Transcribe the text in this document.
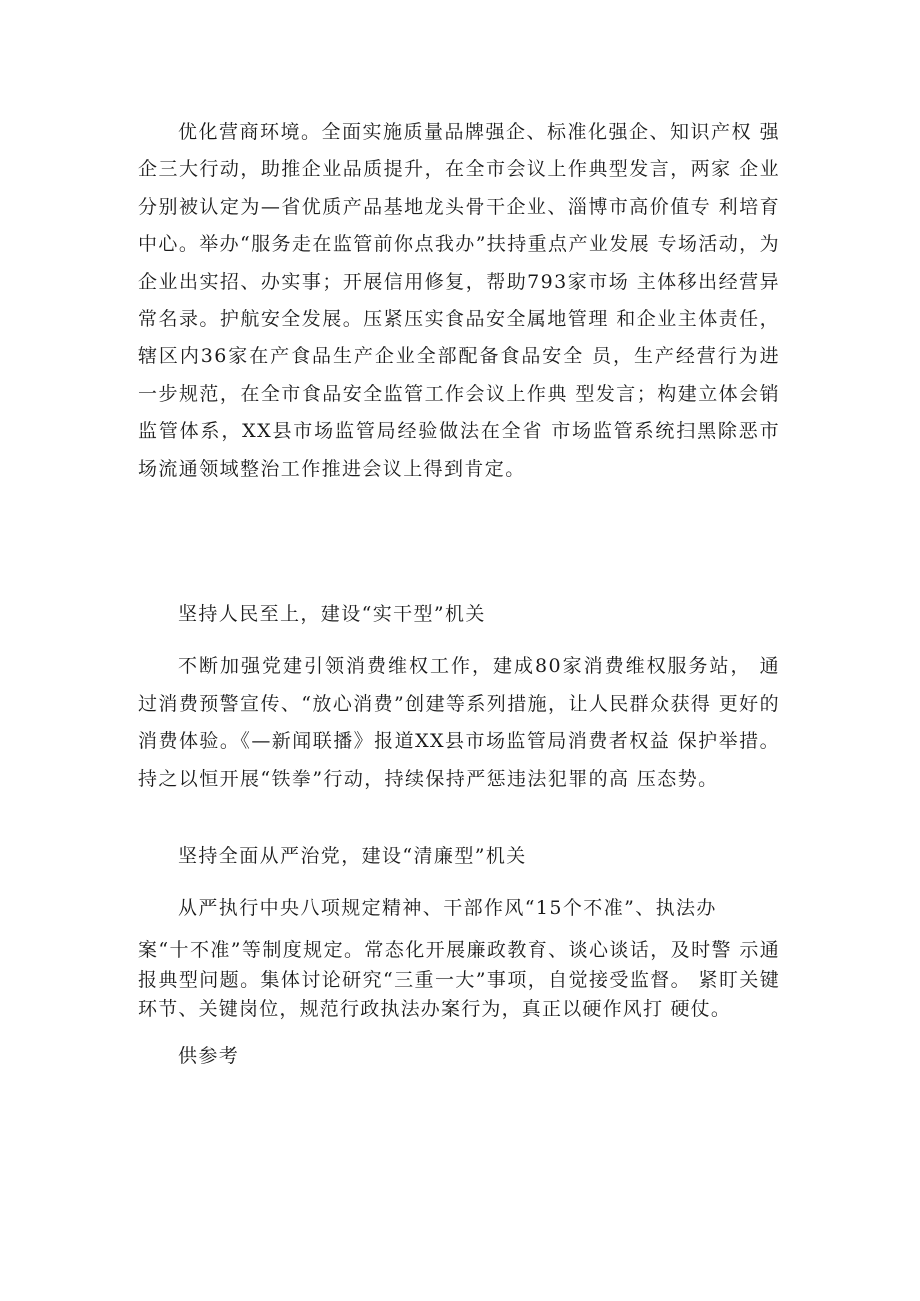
优化营商环境。全面实施质量品牌强企、标准化强企、知识产权 强企三大行动，助推企业品质提升，在全市会议上作典型发言，两家 企业分别被认定为—省优质产品基地龙头骨干企业、淄博市高价值专 利培育中心。举办“服务走在监管前你点我办”扶持重点产业发展 专场活动，为企业出实招、办实事；开展信用修复，帮助793家市场 主体移出经营异常名录。护航安全发展。压紧压实食品安全属地管理 和企业主体责任，辖区内36家在产食品生产企业全部配备食品安全 员，生产经营行为进一步规范，在全市食品安全监管工作会议上作典 型发言；构建立体会销监管体系，XX县市场监管局经验做法在全省 市场监管系统扫黑除恶市场流通领域整治工作推进会议上得到肯定。

坚持人民至上，建设“实干型”机关

不断加强党建引领消费维权工作，建成80家消费维权服务站， 通过消费预警宣传、“放心消费”创建等系列措施，让人民群众获得 更好的消费体验。《—新闻联播》报道XX县市场监管局消费者权益 保护举措。持之以恒开展“铁拳”行动，持续保持严惩违法犯罪的高 压态势。

坚持全面从严治党，建设“清廉型”机关

从严执行中央八项规定精神、干部作风“15个不准”、执法办

案“十不准”等制度规定。常态化开展廉政教育、谈心谈话，及时警 示通报典型问题。集体讨论研究“三重一大”事项，自觉接受监督。 紧盯关键环节、关键岗位，规范行政执法办案行为，真正以硬作风打 硬仗。

供参考
